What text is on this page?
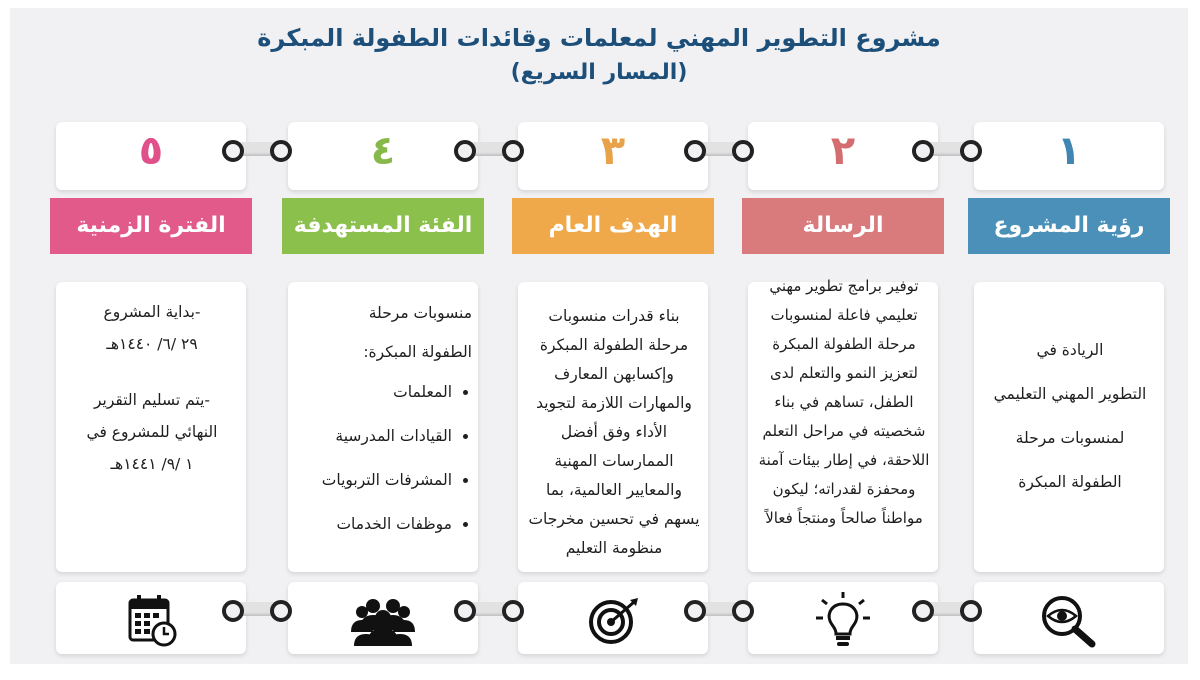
مشروع التطوير المهني لمعلمات وقائدات الطفولة المبكرة
(المسار السريع)
٥
الفترة الزمنية

-بداية المشروع

٢٩ /٦/ ١٤٤٠هـ

-يتم تسليم التقرير

النهائي للمشروع في

١ /٩/ ١٤٤١هـ

٤
الفئة المستهدفة

منسوبات مرحلة

الطفولة المبكرة:

• المعلمات
• القيادات المدرسية
• المشرفات التربويات
• موظفات الخدمات
٣
الهدف العام
بناء قدرات منسوبات مرحلة الطفولة المبكرة وإكسابهن المعارف والمهارات اللازمة لتجويد الأداء وفق أفضل الممارسات المهنية والمعايير العالمية، بما يسهم في تحسين مخرجات منظومة التعليم
٢
الرسالة
توفير برامج تطوير مهني تعليمي فاعلة لمنسوبات مرحلة الطفولة المبكرة لتعزيز النمو والتعلم لدى الطفل، تساهم في بناء شخصيته في مراحل التعلم اللاحقة، في إطار بيئات آمنة ومحفزة لقدراته؛ ليكون مواطناً صالحاً ومنتجاً فعالاً
١
رؤية المشروع

الريادة في

التطوير المهني التعليمي

لمنسوبات مرحلة

الطفولة المبكرة
